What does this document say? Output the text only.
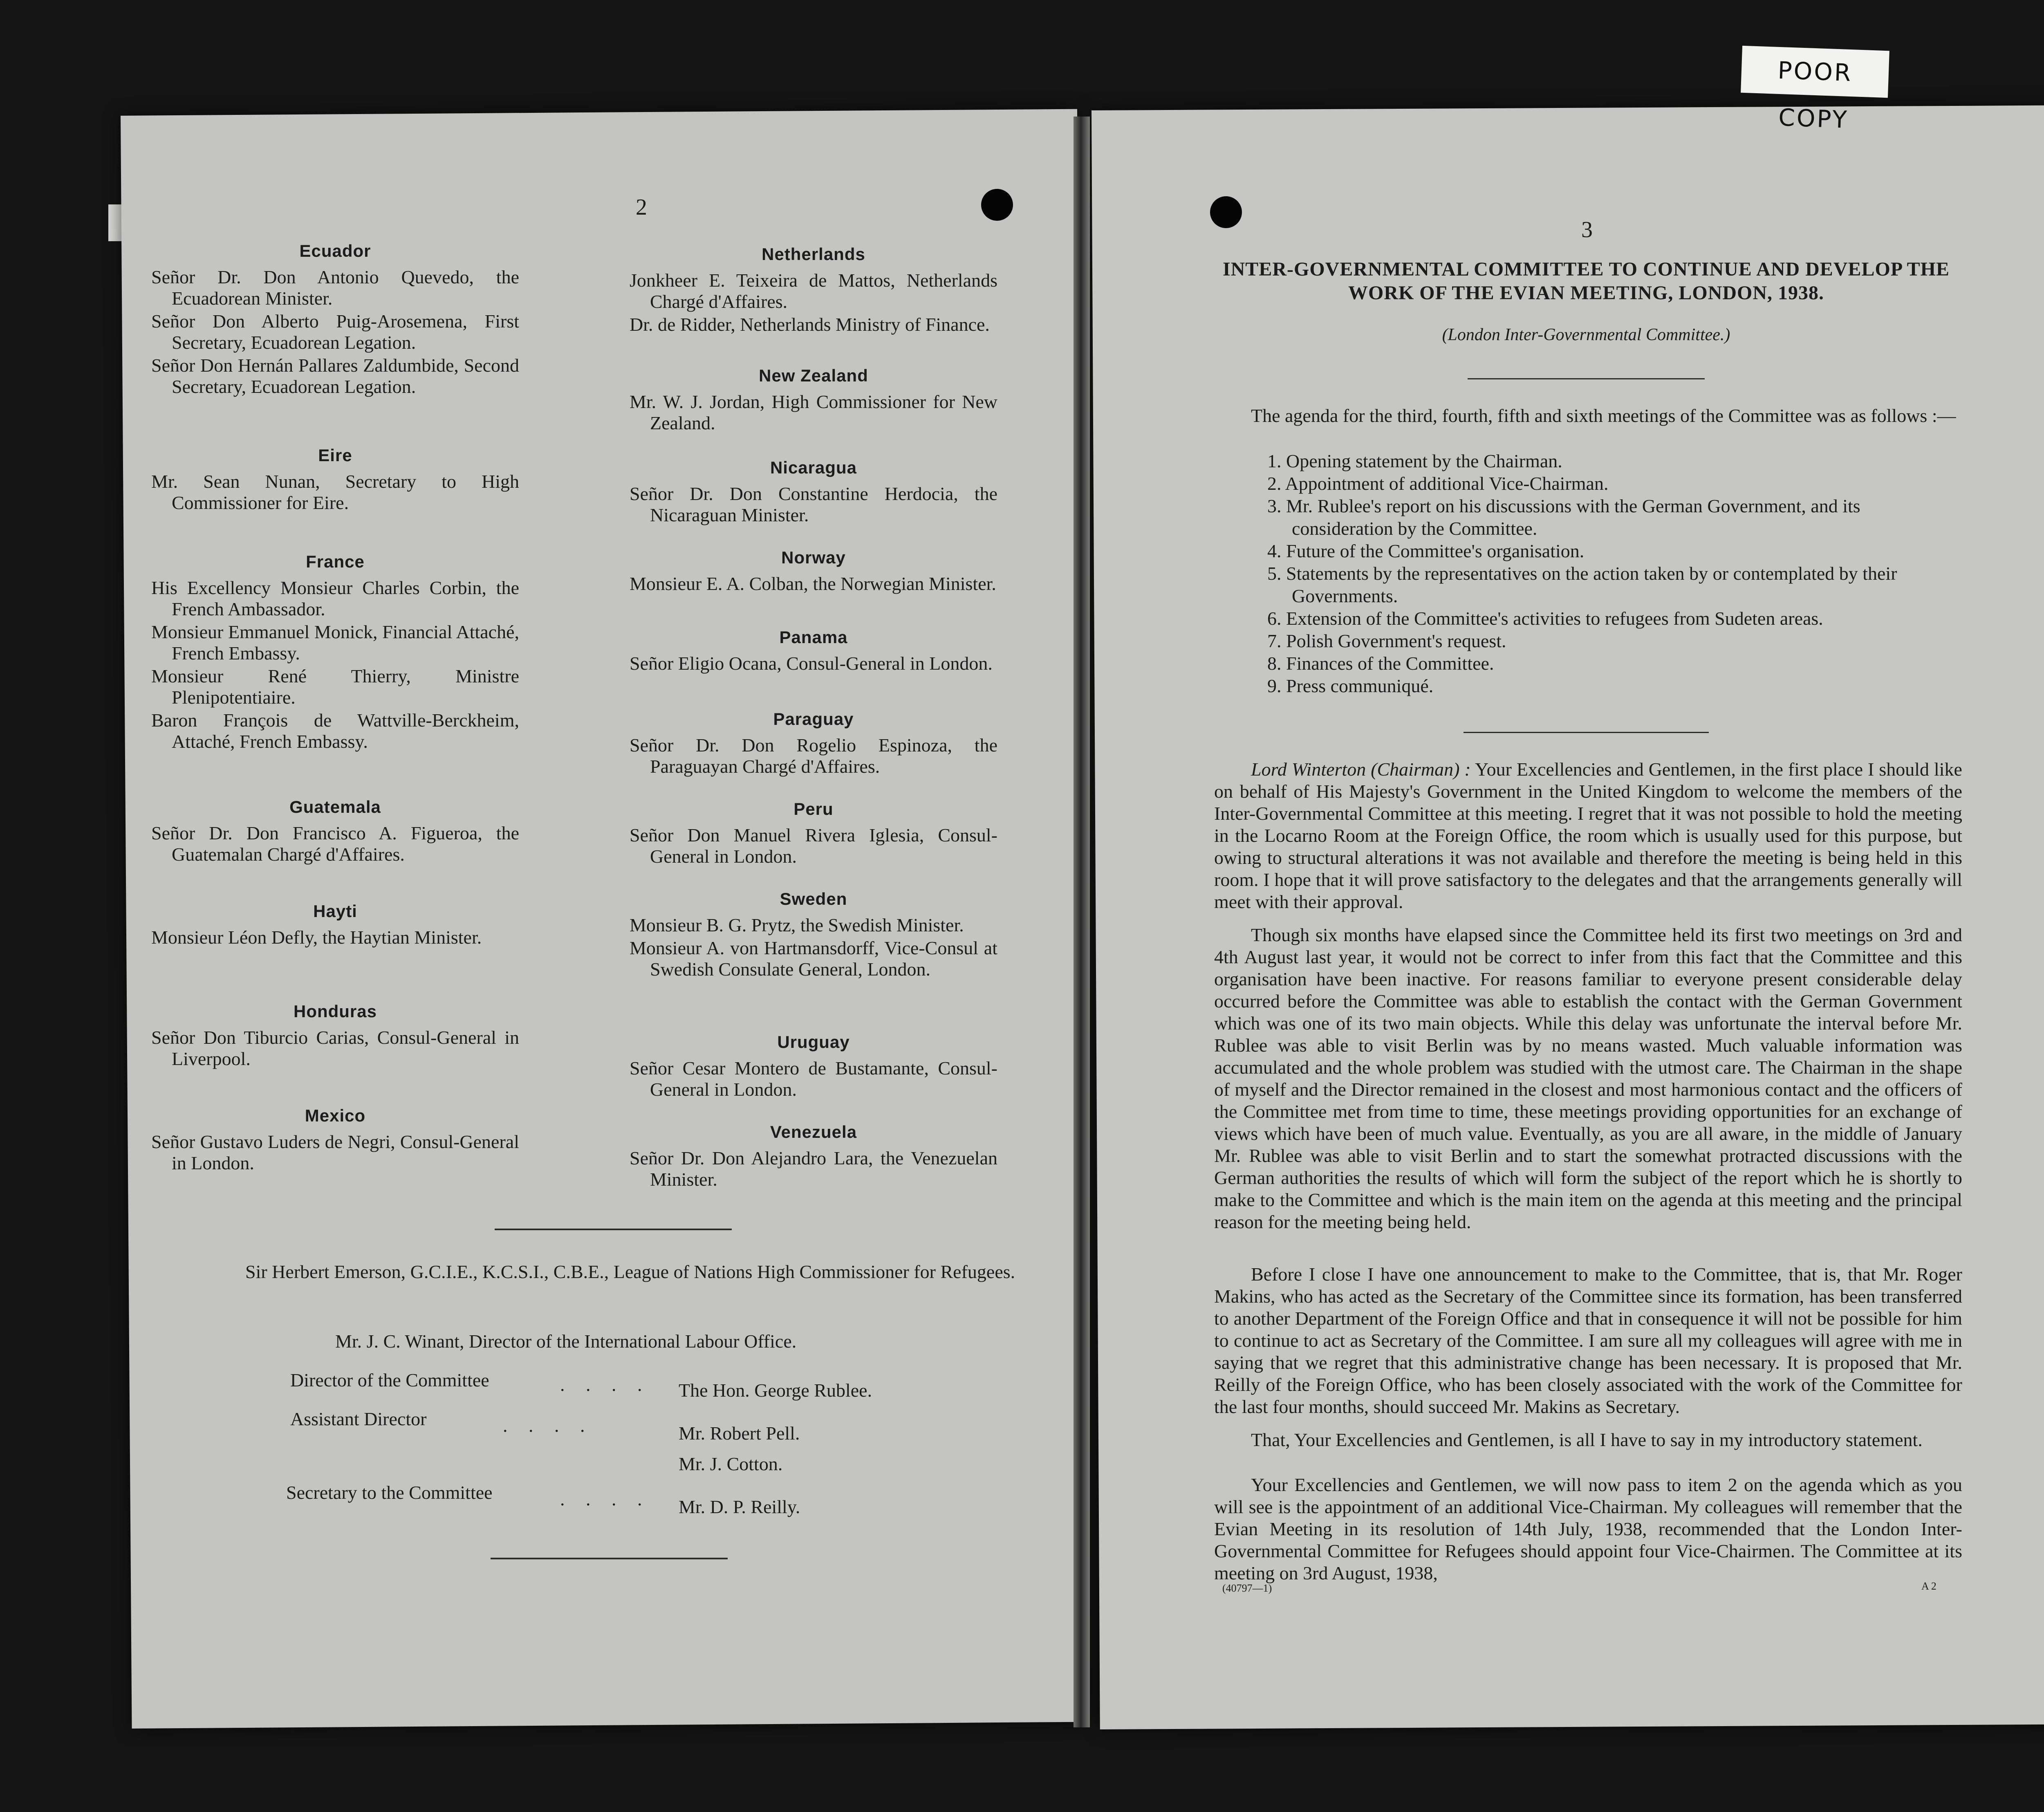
POOR COPY
2
Ecuador
Señor Dr. Don Antonio Quevedo, the Ecuadorean Minister.
Señor Don Alberto Puig-Arosemena, First Secretary, Ecuadorean Legation.
Señor Don Hernán Pallares Zaldumbide, Second Secretary, Ecuadorean Legation.
Eire
Mr. Sean Nunan, Secretary to High Commissioner for Eire.
France
His Excellency Monsieur Charles Corbin, the French Ambassador.
Monsieur Emmanuel Monick, Financial Attaché, French Embassy.
Monsieur René Thierry, Ministre Plenipotentiaire.
Baron François de Wattville-Berckheim, Attaché, French Embassy.
Guatemala
Señor Dr. Don Francisco A. Figueroa, the Guatemalan Chargé d'Affaires.
Hayti
Monsieur Léon Defly, the Haytian Minister.
Honduras
Señor Don Tiburcio Carias, Consul-General in Liverpool.
Mexico
Señor Gustavo Luders de Negri, Consul-General in London.
Netherlands
Jonkheer E. Teixeira de Mattos, Netherlands Chargé d'Affaires.
Dr. de Ridder, Netherlands Ministry of Finance.
New Zealand
Mr. W. J. Jordan, High Commissioner for New Zealand.
Nicaragua
Señor Dr. Don Constantine Herdocia, the Nicaraguan Minister.
Norway
Monsieur E. A. Colban, the Norwegian Minister.
Panama
Señor Eligio Ocana, Consul-General in London.
Paraguay
Señor Dr. Don Rogelio Espinoza, the Paraguayan Chargé d'Affaires.
Peru
Señor Don Manuel Rivera Iglesia, Consul-General in London.
Sweden
Monsieur B. G. Prytz, the Swedish Minister.
Monsieur A. von Hartmansdorff, Vice-Consul at Swedish Consulate General, London.
Uruguay
Señor Cesar Montero de Bustamante, Consul-General in London.
Venezuela
Señor Dr. Don Alejandro Lara, the Venezuelan Minister.
Sir Herbert Emerson, G.C.I.E., K.C.S.I., C.B.E., League of Nations High Commissioner for Refugees.
Mr. J. C. Winant, Director of the International Labour Office.
Director of the Committee	. . . . The Hon. George Rublee.
Assistant Director	. . . .	Mr. Robert Pell.
Mr. J. Cotton.
Secretary to the Committee	. . . . Mr. D. P. Reilly.
3
INTER-GOVERNMENTAL COMMITTEE TO CONTINUE AND DEVELOP THE WORK OF THE EVIAN MEETING, LONDON, 1938.
(London Inter-Governmental Committee.)
The agenda for the third, fourth, fifth and sixth meetings of the Committee was as follows :—
1. Opening statement by the Chairman.
2. Appointment of additional Vice-Chairman.
3. Mr. Rublee's report on his discussions with the German Government, and its consideration by the Committee.
4. Future of the Committee's organisation.
5. Statements by the representatives on the action taken by or contemplated by their Governments.
6. Extension of the Committee's activities to refugees from Sudeten areas.
7. Polish Government's request.
8. Finances of the Committee.
9. Press communiqué.
Lord Winterton (Chairman) : Your Excellencies and Gentlemen, in the first place I should like on behalf of His Majesty's Government in the United Kingdom to welcome the members of the Inter-Governmental Committee at this meeting. I regret that it was not possible to hold the meeting in the Locarno Room at the Foreign Office, the room which is usually used for this purpose, but owing to structural alterations it was not available and therefore the meeting is being held in this room. I hope that it will prove satisfactory to the delegates and that the arrangements generally will meet with their approval.
Though six months have elapsed since the Committee held its first two meetings on 3rd and 4th August last year, it would not be correct to infer from this fact that the Committee and this organisation have been inactive. For reasons familiar to everyone present considerable delay occurred before the Committee was able to establish the contact with the German Government which was one of its two main objects. While this delay was unfortunate the interval before Mr. Rublee was able to visit Berlin was by no means wasted. Much valuable information was accumulated and the whole problem was studied with the utmost care. The Chairman in the shape of myself and the Director remained in the closest and most harmonious contact and the officers of the Committee met from time to time, these meetings providing opportunities for an exchange of views which have been of much value. Eventually, as you are all aware, in the middle of January Mr. Rublee was able to visit Berlin and to start the somewhat protracted discussions with the German authorities the results of which will form the subject of the report which he is shortly to make to the Committee and which is the main item on the agenda at this meeting and the principal reason for the meeting being held.
Before I close I have one announcement to make to the Committee, that is, that Mr. Roger Makins, who has acted as the Secretary of the Committee since its formation, has been transferred to another Department of the Foreign Office and that in consequence it will not be possible for him to continue to act as Secretary of the Committee. I am sure all my colleagues will agree with me in saying that we regret that this administrative change has been necessary. It is proposed that Mr. Reilly of the Foreign Office, who has been closely associated with the work of the Committee for the last four months, should succeed Mr. Makins as Secretary.
That, Your Excellencies and Gentlemen, is all I have to say in my introductory statement.
Your Excellencies and Gentlemen, we will now pass to item 2 on the agenda which as you will see is the appointment of an additional Vice-Chairman. My colleagues will remember that the Evian Meeting in its resolution of 14th July, 1938, recommended that the London Inter-Governmental Committee for Refugees should appoint four Vice-Chairmen. The Committee at its meeting on 3rd August, 1938,
(40797—1)	A 2
